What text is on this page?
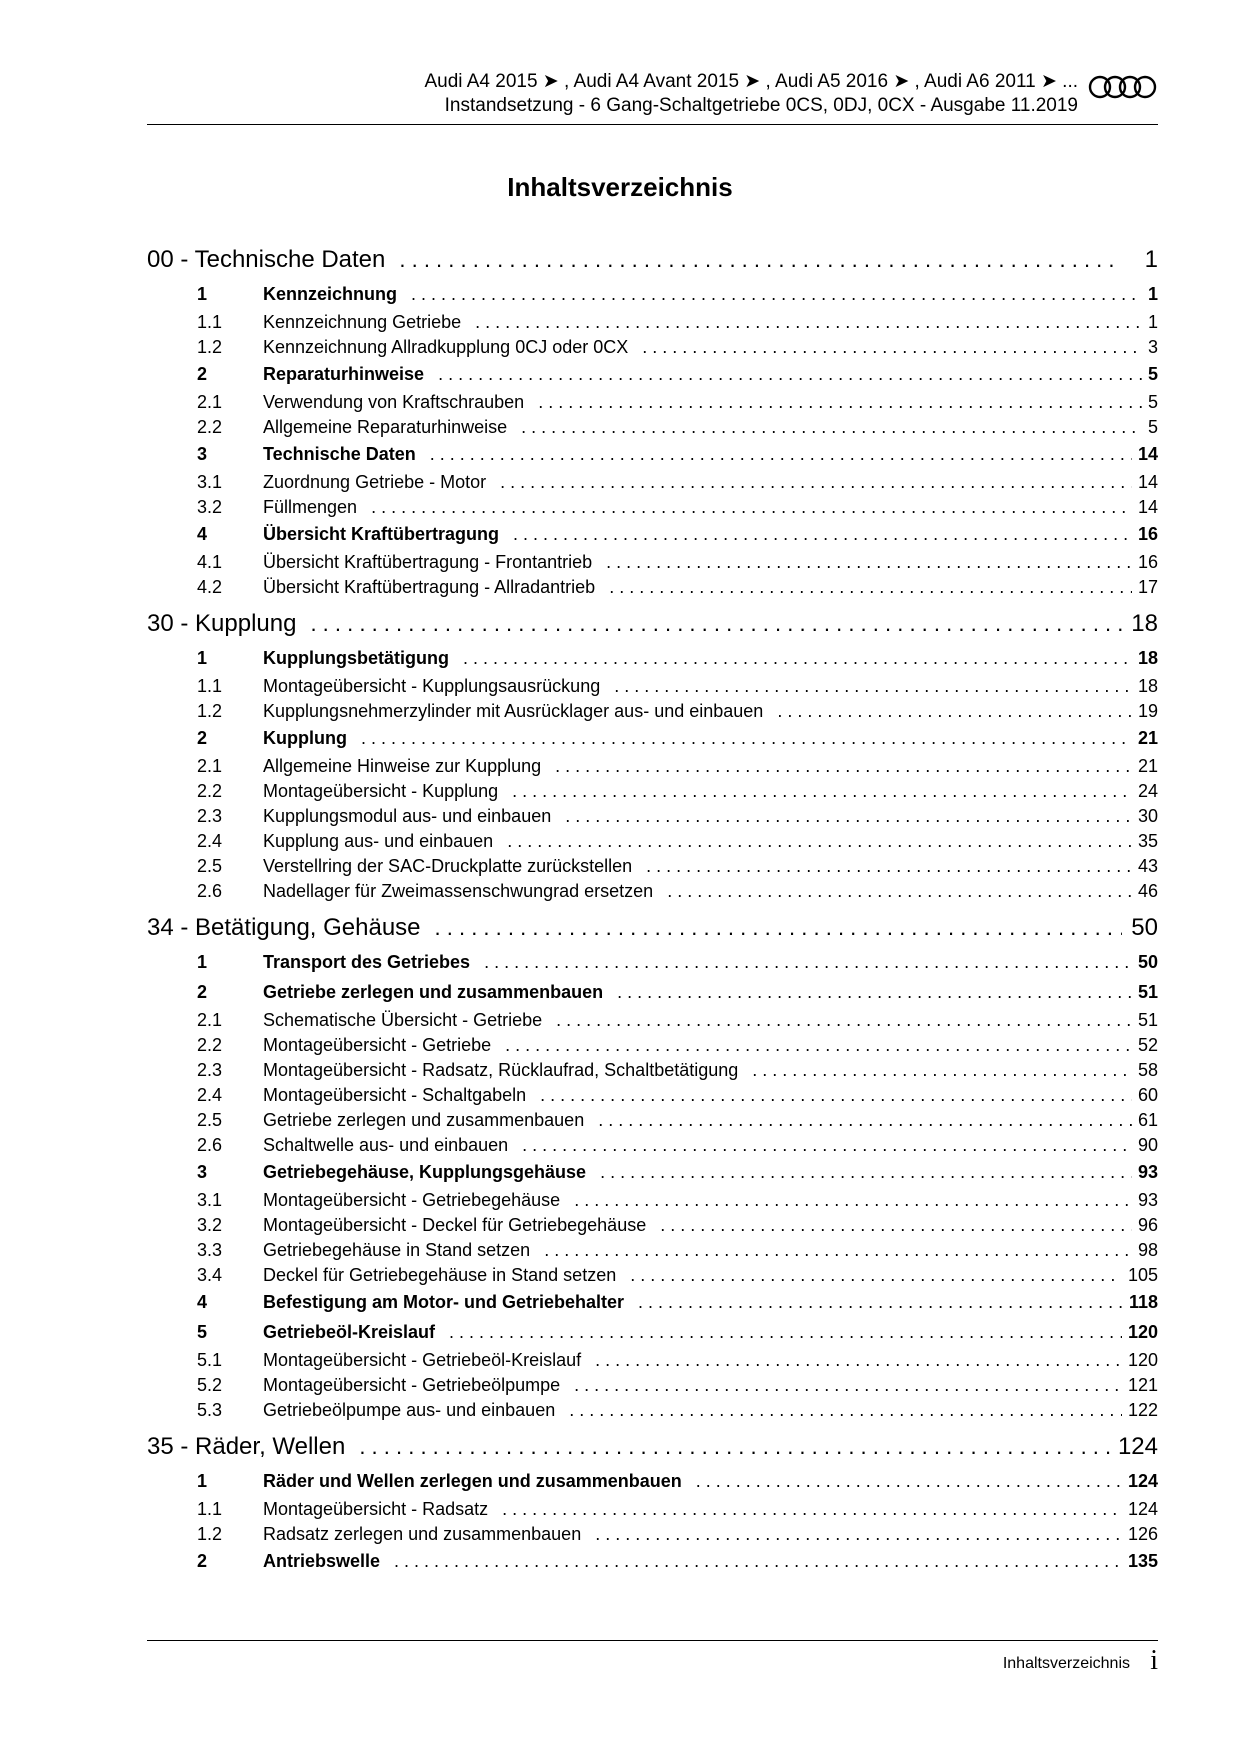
Audi A4 2015 ➤ , Audi A4 Avant 2015 ➤ , Audi A5 2016 ➤ , Audi A6 2011 ➤ ...
Instandsetzung - 6 Gang-Schaltgetriebe 0CS, 0DJ, 0CX - Ausgabe 11.2019
Inhaltsverzeichnis
00 - Technische Daten . . .	1
1	Kennzeichnung . . .	1
1.1	Kennzeichnung Getriebe . . .	1
1.2	Kennzeichnung Allradkupplung 0CJ oder 0CX . . .	3
2	Reparaturhinweise . . .	5
2.1	Verwendung von Kraftschrauben . . .	5
2.2	Allgemeine Reparaturhinweise . . .	5
3	Technische Daten . . .	14
3.1	Zuordnung Getriebe - Motor . . .	14
3.2	Füllmengen . . .	14
4	Übersicht Kraftübertragung . . .	16
4.1	Übersicht Kraftübertragung - Frontantrieb . . .	16
4.2	Übersicht Kraftübertragung - Allradantrieb . . .	17
30 - Kupplung . . .	18
1	Kupplungsbetätigung . . .	18
1.1	Montageübersicht - Kupplungsausrückung . . .	18
1.2	Kupplungsnehmerzylinder mit Ausrücklager aus- und einbauen . . .	19
2	Kupplung . . .	21
2.1	Allgemeine Hinweise zur Kupplung . . .	21
2.2	Montageübersicht - Kupplung . . .	24
2.3	Kupplungsmodul aus- und einbauen . . .	30
2.4	Kupplung aus- und einbauen . . .	35
2.5	Verstellring der SAC-Druckplatte zurückstellen . . .	43
2.6	Nadellager für Zweimassenschwungrad ersetzen . . .	46
34 - Betätigung, Gehäuse . . .	50
1	Transport des Getriebes . . .	50
2	Getriebe zerlegen und zusammenbauen . . .	51
2.1	Schematische Übersicht - Getriebe . . .	51
2.2	Montageübersicht - Getriebe . . .	52
2.3	Montageübersicht - Radsatz, Rücklaufrad, Schaltbetätigung . . .	58
2.4	Montageübersicht - Schaltgabeln . . .	60
2.5	Getriebe zerlegen und zusammenbauen . . .	61
2.6	Schaltwelle aus- und einbauen . . .	90
3	Getriebegehäuse, Kupplungsgehäuse . . .	93
3.1	Montageübersicht - Getriebegehäuse . . .	93
3.2	Montageübersicht - Deckel für Getriebegehäuse . . .	96
3.3	Getriebegehäuse in Stand setzen . . .	98
3.4	Deckel für Getriebegehäuse in Stand setzen . . .	105
4	Befestigung am Motor- und Getriebehalter . . .	118
5	Getriebeöl-Kreislauf . . .	120
5.1	Montageübersicht - Getriebeöl-Kreislauf . . .	120
5.2	Montageübersicht - Getriebeölpumpe . . .	121
5.3	Getriebeölpumpe aus- und einbauen . . .	122
35 - Räder, Wellen . . .	124
1	Räder und Wellen zerlegen und zusammenbauen . . .	124
1.1	Montageübersicht - Radsatz . . .	124
1.2	Radsatz zerlegen und zusammenbauen . . .	126
2	Antriebswelle . . .	135
Inhaltsverzeichnis i
